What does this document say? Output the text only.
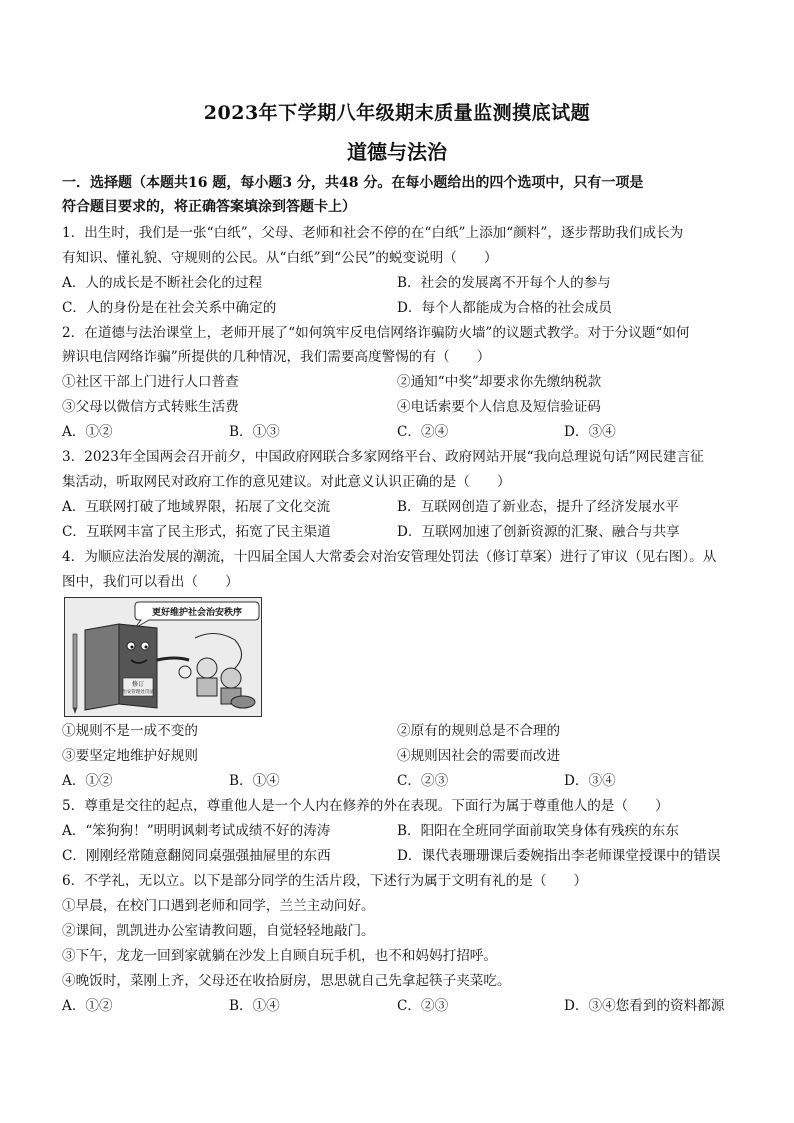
2023年下学期八年级期末质量监测摸底试题
道德与法治
一．选择题（本题共16 题，每小题3 分，共48 分。在每小题给出的四个选项中，只有一项是
符合题目要求的，将正确答案填涂到答题卡上）
1．出生时，我们是一张“白纸”，父母、老师和社会不停的在“白纸”上添加“颜料”，逐步帮助我们成长为
有知识、懂礼貌、守规则的公民。从“白纸”到“公民”的蜕变说明（　　）
A．人的成长是不断社会化的过程	B．社会的发展离不开每个人的参与
C．人的身份是在社会关系中确定的	D．每个人都能成为合格的社会成员
2．在道德与法治课堂上，老师开展了“如何筑牢反电信网络诈骗防火墙”的议题式教学。对于分议题“如何
辨识电信网络诈骗”所提供的几种情况，我们需要高度警惕的有（　　）
①社区干部上门进行人口普查	②通知“中奖”却要求你先缴纳税款
③父母以微信方式转账生活费	④电话索要个人信息及短信验证码
A．①②	B．①③	C．②④	D．③④
3．2023年全国两会召开前夕，中国政府网联合多家网络平台、政府网站开展“我向总理说句话”网民建言征
集活动，听取网民对政府工作的意见建议。对此意义认识正确的是（　　）
A．互联网打破了地域界限，拓展了文化交流	B．互联网创造了新业态，提升了经济发展水平
C．互联网丰富了民主形式，拓宽了民主渠道	D．互联网加速了创新资源的汇聚、融合与共享
4．为顺应法治发展的潮流，十四届全国人大常委会对治安管理处罚法（修订草案）进行了审议（见右图）。从
图中，我们可以看出（　　）
更好维护社会治安秩序
修订
治安管理处罚法
①规则不是一成不变的	②原有的规则总是不合理的
③要坚定地维护好规则	④规则因社会的需要而改进
A．①②	B．①④	C．②③	D．③④
5．尊重是交往的起点，尊重他人是一个人内在修养的外在表现。下面行为属于尊重他人的是（　　）
A．“笨狗狗！”明明讽刺考试成绩不好的涛涛	B．阳阳在全班同学面前取笑身体有残疾的东东
C．刚刚经常随意翻阅同桌强强抽屉里的东西	D．课代表珊珊课后委婉指出李老师课堂授课中的错误
6．不学礼，无以立。以下是部分同学的生活片段，下述行为属于文明有礼的是（　　）
①早晨，在校门口遇到老师和同学，兰兰主动问好。
②课间，凯凯进办公室请教问题，自觉轻轻地敲门。
③下午，龙龙一回到家就躺在沙发上自顾自玩手机，也不和妈妈打招呼。
④晚饭时，菜刚上齐，父母还在收拾厨房，思思就自己先拿起筷子夹菜吃。
A．①②	B．①④	C．②③	D．③④您看到的资料都源
